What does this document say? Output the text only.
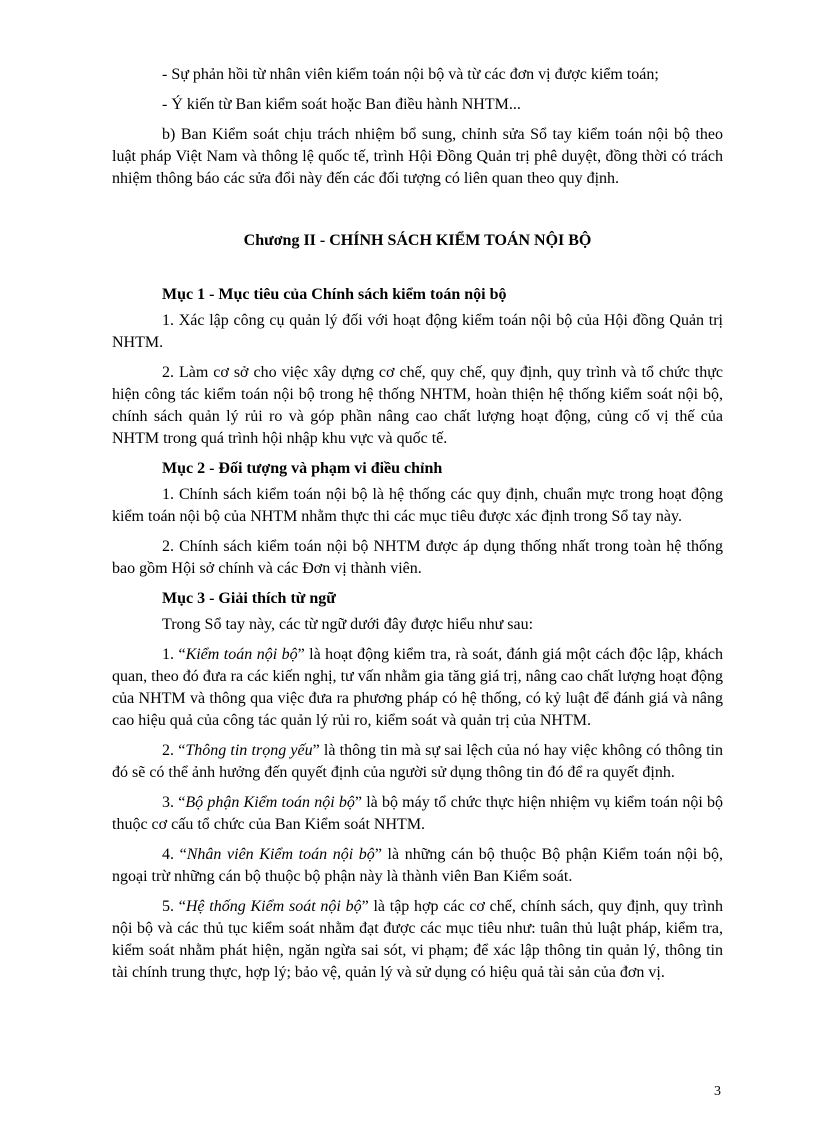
- Sự phản hồi từ nhân viên kiểm toán nội bộ và từ các đơn vị được kiểm toán;

- Ý kiến từ Ban kiểm soát hoặc Ban điều hành NHTM...

b) Ban Kiểm soát chịu trách nhiệm bổ sung, chỉnh sửa Sổ tay kiểm toán nội bộ theo luật pháp Việt Nam và thông lệ quốc tế, trình Hội Đồng Quản trị phê duyệt, đồng thời có trách nhiệm thông báo các sửa đổi này đến các đối tượng có liên quan theo quy định.

Chương II - CHÍNH SÁCH KIỂM TOÁN NỘI BỘ

Mục 1 - Mục tiêu của Chính sách kiểm toán nội bộ

1. Xác lập công cụ quản lý đối với hoạt động kiểm toán nội bộ của Hội đồng Quản trị NHTM.

2. Làm cơ sở cho việc xây dựng cơ chế, quy chế, quy định, quy trình và tổ chức thực hiện công tác kiểm toán nội bộ trong hệ thống NHTM, hoàn thiện hệ thống kiểm soát nội bộ, chính sách quản lý rủi ro và góp phần nâng cao chất lượng hoạt động, củng cố vị thế của NHTM trong quá trình hội nhập khu vực và quốc tế.

Mục 2 - Đối tượng và phạm vi điều chỉnh

1. Chính sách kiểm toán nội bộ là hệ thống các quy định, chuẩn mực trong hoạt động kiểm toán nội bộ của NHTM nhằm thực thi các mục tiêu được xác định trong Sổ tay này.

2. Chính sách kiểm toán nội bộ NHTM được áp dụng thống nhất trong toàn hệ thống bao gồm Hội sở chính và các Đơn vị thành viên.

Mục 3 - Giải thích từ ngữ

Trong Sổ tay này, các từ ngữ dưới đây được hiểu như sau:

1. “Kiểm toán nội bộ” là hoạt động kiểm tra, rà soát, đánh giá một cách độc lập, khách quan, theo đó đưa ra các kiến nghị, tư vấn nhằm gia tăng giá trị, nâng cao chất lượng hoạt động của NHTM và thông qua việc đưa ra phương pháp có hệ thống, có kỷ luật để đánh giá và nâng cao hiệu quả của công tác quản lý rủi ro, kiểm soát và quản trị của NHTM.

2. “Thông tin trọng yếu” là thông tin mà sự sai lệch của nó hay việc không có thông tin đó sẽ có thể ảnh hưởng đến quyết định của người sử dụng thông tin đó để ra quyết định.

3. “Bộ phận Kiểm toán nội bộ” là bộ máy tổ chức thực hiện nhiệm vụ kiểm toán nội bộ thuộc cơ cấu tổ chức của Ban Kiểm soát NHTM.

4. “Nhân viên Kiểm toán nội bộ” là những cán bộ thuộc Bộ phận Kiểm toán nội bộ, ngoại trừ những cán bộ thuộc bộ phận này là thành viên Ban Kiểm soát.

5. “Hệ thống Kiểm soát nội bộ” là tập hợp các cơ chế, chính sách, quy định, quy trình nội bộ và các thủ tục kiểm soát nhằm đạt được các mục tiêu như: tuân thủ luật pháp, kiểm tra, kiểm soát nhằm phát hiện, ngăn ngừa sai sót, vi phạm; để xác lập thông tin quản lý, thông tin tài chính trung thực, hợp lý; bảo vệ, quản lý và sử dụng có hiệu quả tài sản của đơn vị.

3
